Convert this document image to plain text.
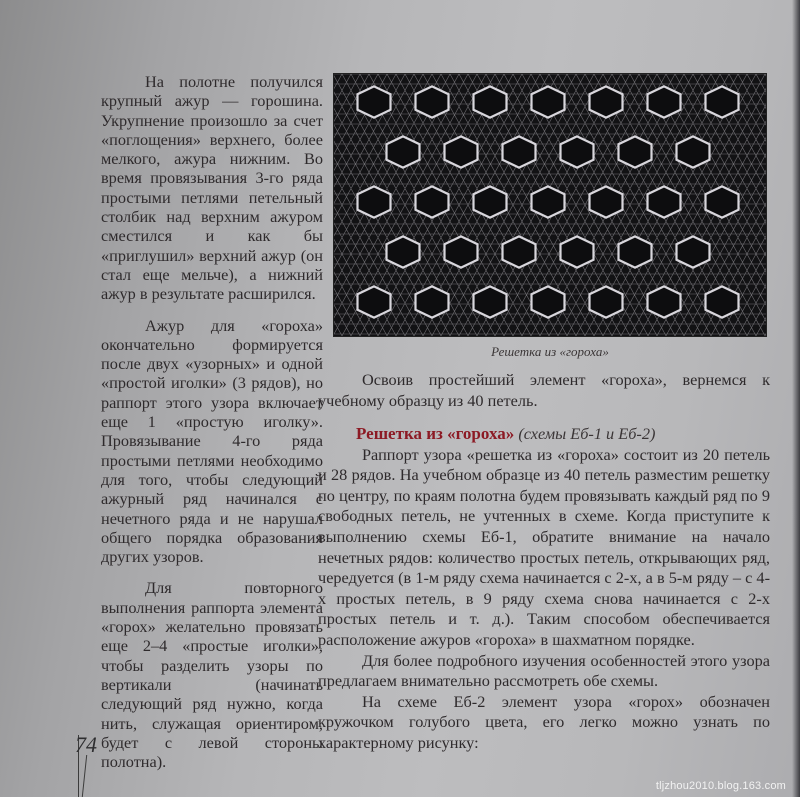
На полотне получился крупный ажур — горошина. Укрупнение произошло за счет «поглощения» верхнего, более мелкого, ажура нижним. Во время провязывания 3-го ряда простыми петлями петельный столбик над верхним ажуром сместился и как бы «приглушил» верхний ажур (он стал еще мельче), а нижний ажур в результате расширился.

Ажур для «гороха» окончательно формируется после двух «узорных» и одной «простой иголки» (3 рядов), но раппорт этого узора включает еще 1 «простую иголку». Провязывание 4-го ряда простыми петлями необходимо для того, чтобы следующий ажурный ряд начинался с нечетного ряда и не нарушал общего порядка образования других узоров.

Для повторного выполнения раппорта элемента «горох» желательно провязать еще 2–4 «простые иголки», чтобы разделить узоры по вертикали (начинать следующий ряд нужно, когда нить, служащая ориентиром, будет с левой стороны полотна).

Решетка из «гороха»

Освоив простейший элемент «гороха», вернемся к учебному образцу из 40 петель.

Решетка из «гороха» (схемы Еб-1 и Еб-2)

Раппорт узора «решетка из «гороха» состоит из 20 петель и 28 рядов. На учебном образце из 40 петель разместим решетку по центру, по краям полотна будем провязывать каждый ряд по 9 свободных петель, не учтенных в схеме. Когда приступите к выполнению схемы Еб-1, обратите внимание на начало нечетных рядов: количество простых петель, открывающих ряд, чередуется (в 1-м ряду схема начинается с 2-х, а в 5-м ряду – с 4-х простых петель, в 9 ряду схема снова начинается с 2-х простых петель и т. д.). Таким способом обеспечивается расположение ажуров «гороха» в шахматном порядке.

Для более подробного изучения особенностей этого узора предлагаем внимательно рассмотреть обе схемы.

На схеме Еб-2 элемент узора «горох» обозначен кружочком голубого цвета, его легко можно узнать по характерному рисунку:

74
tljzhou2010.blog.163.com
